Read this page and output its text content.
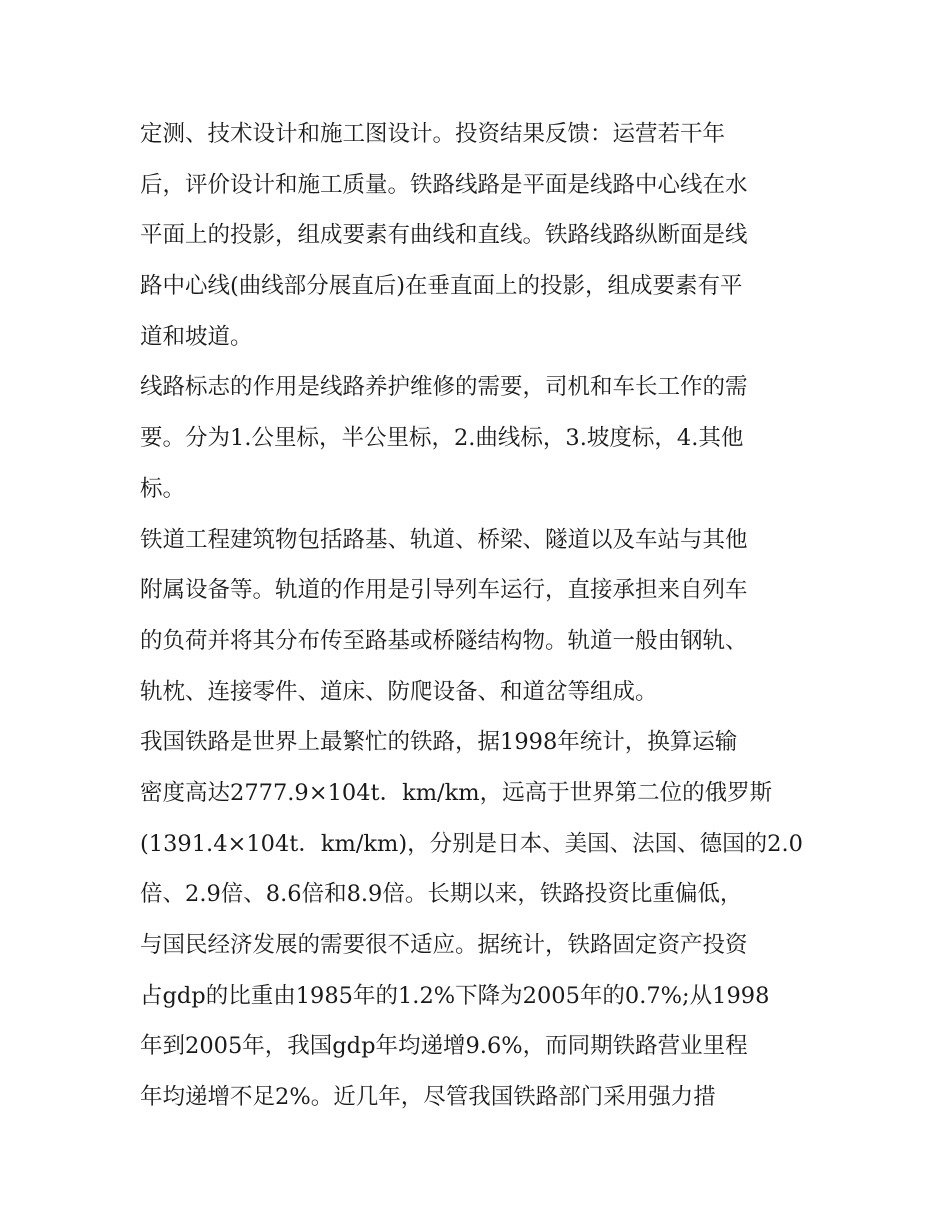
定测、技术设计和施工图设计。投资结果反馈：运营若干年
后，评价设计和施工质量。铁路线路是平面是线路中心线在水
平面上的投影，组成要素有曲线和直线。铁路线路纵断面是线
路中心线(曲线部分展直后)在垂直面上的投影，组成要素有平
道和坡道。
线路标志的作用是线路养护维修的需要，司机和车长工作的需
要。分为1.公里标，半公里标，2.曲线标，3.坡度标，4.其他
标。
铁道工程建筑物包括路基、轨道、桥梁、隧道以及车站与其他
附属设备等。轨道的作用是引导列车运行，直接承担来自列车
的负荷并将其分布传至路基或桥隧结构物。轨道一般由钢轨、
轨枕、连接零件、道床、防爬设备、和道岔等组成。
我国铁路是世界上最繁忙的铁路，据1998年统计，换算运输
密度高达2777.9×104t．km/km，远高于世界第二位的俄罗斯
(1391.4×104t．km/km)，分别是日本、美国、法国、德国的2.0
倍、2.9倍、8.6倍和8.9倍。长期以来，铁路投资比重偏低，
与国民经济发展的需要很不适应。据统计，铁路固定资产投资
占gdp的比重由1985年的1.2%下降为2005年的0.7%;从1998
年到2005年，我国gdp年均递增9.6%，而同期铁路营业里程
年均递增不足2%。近几年，尽管我国铁路部门采用强力措
